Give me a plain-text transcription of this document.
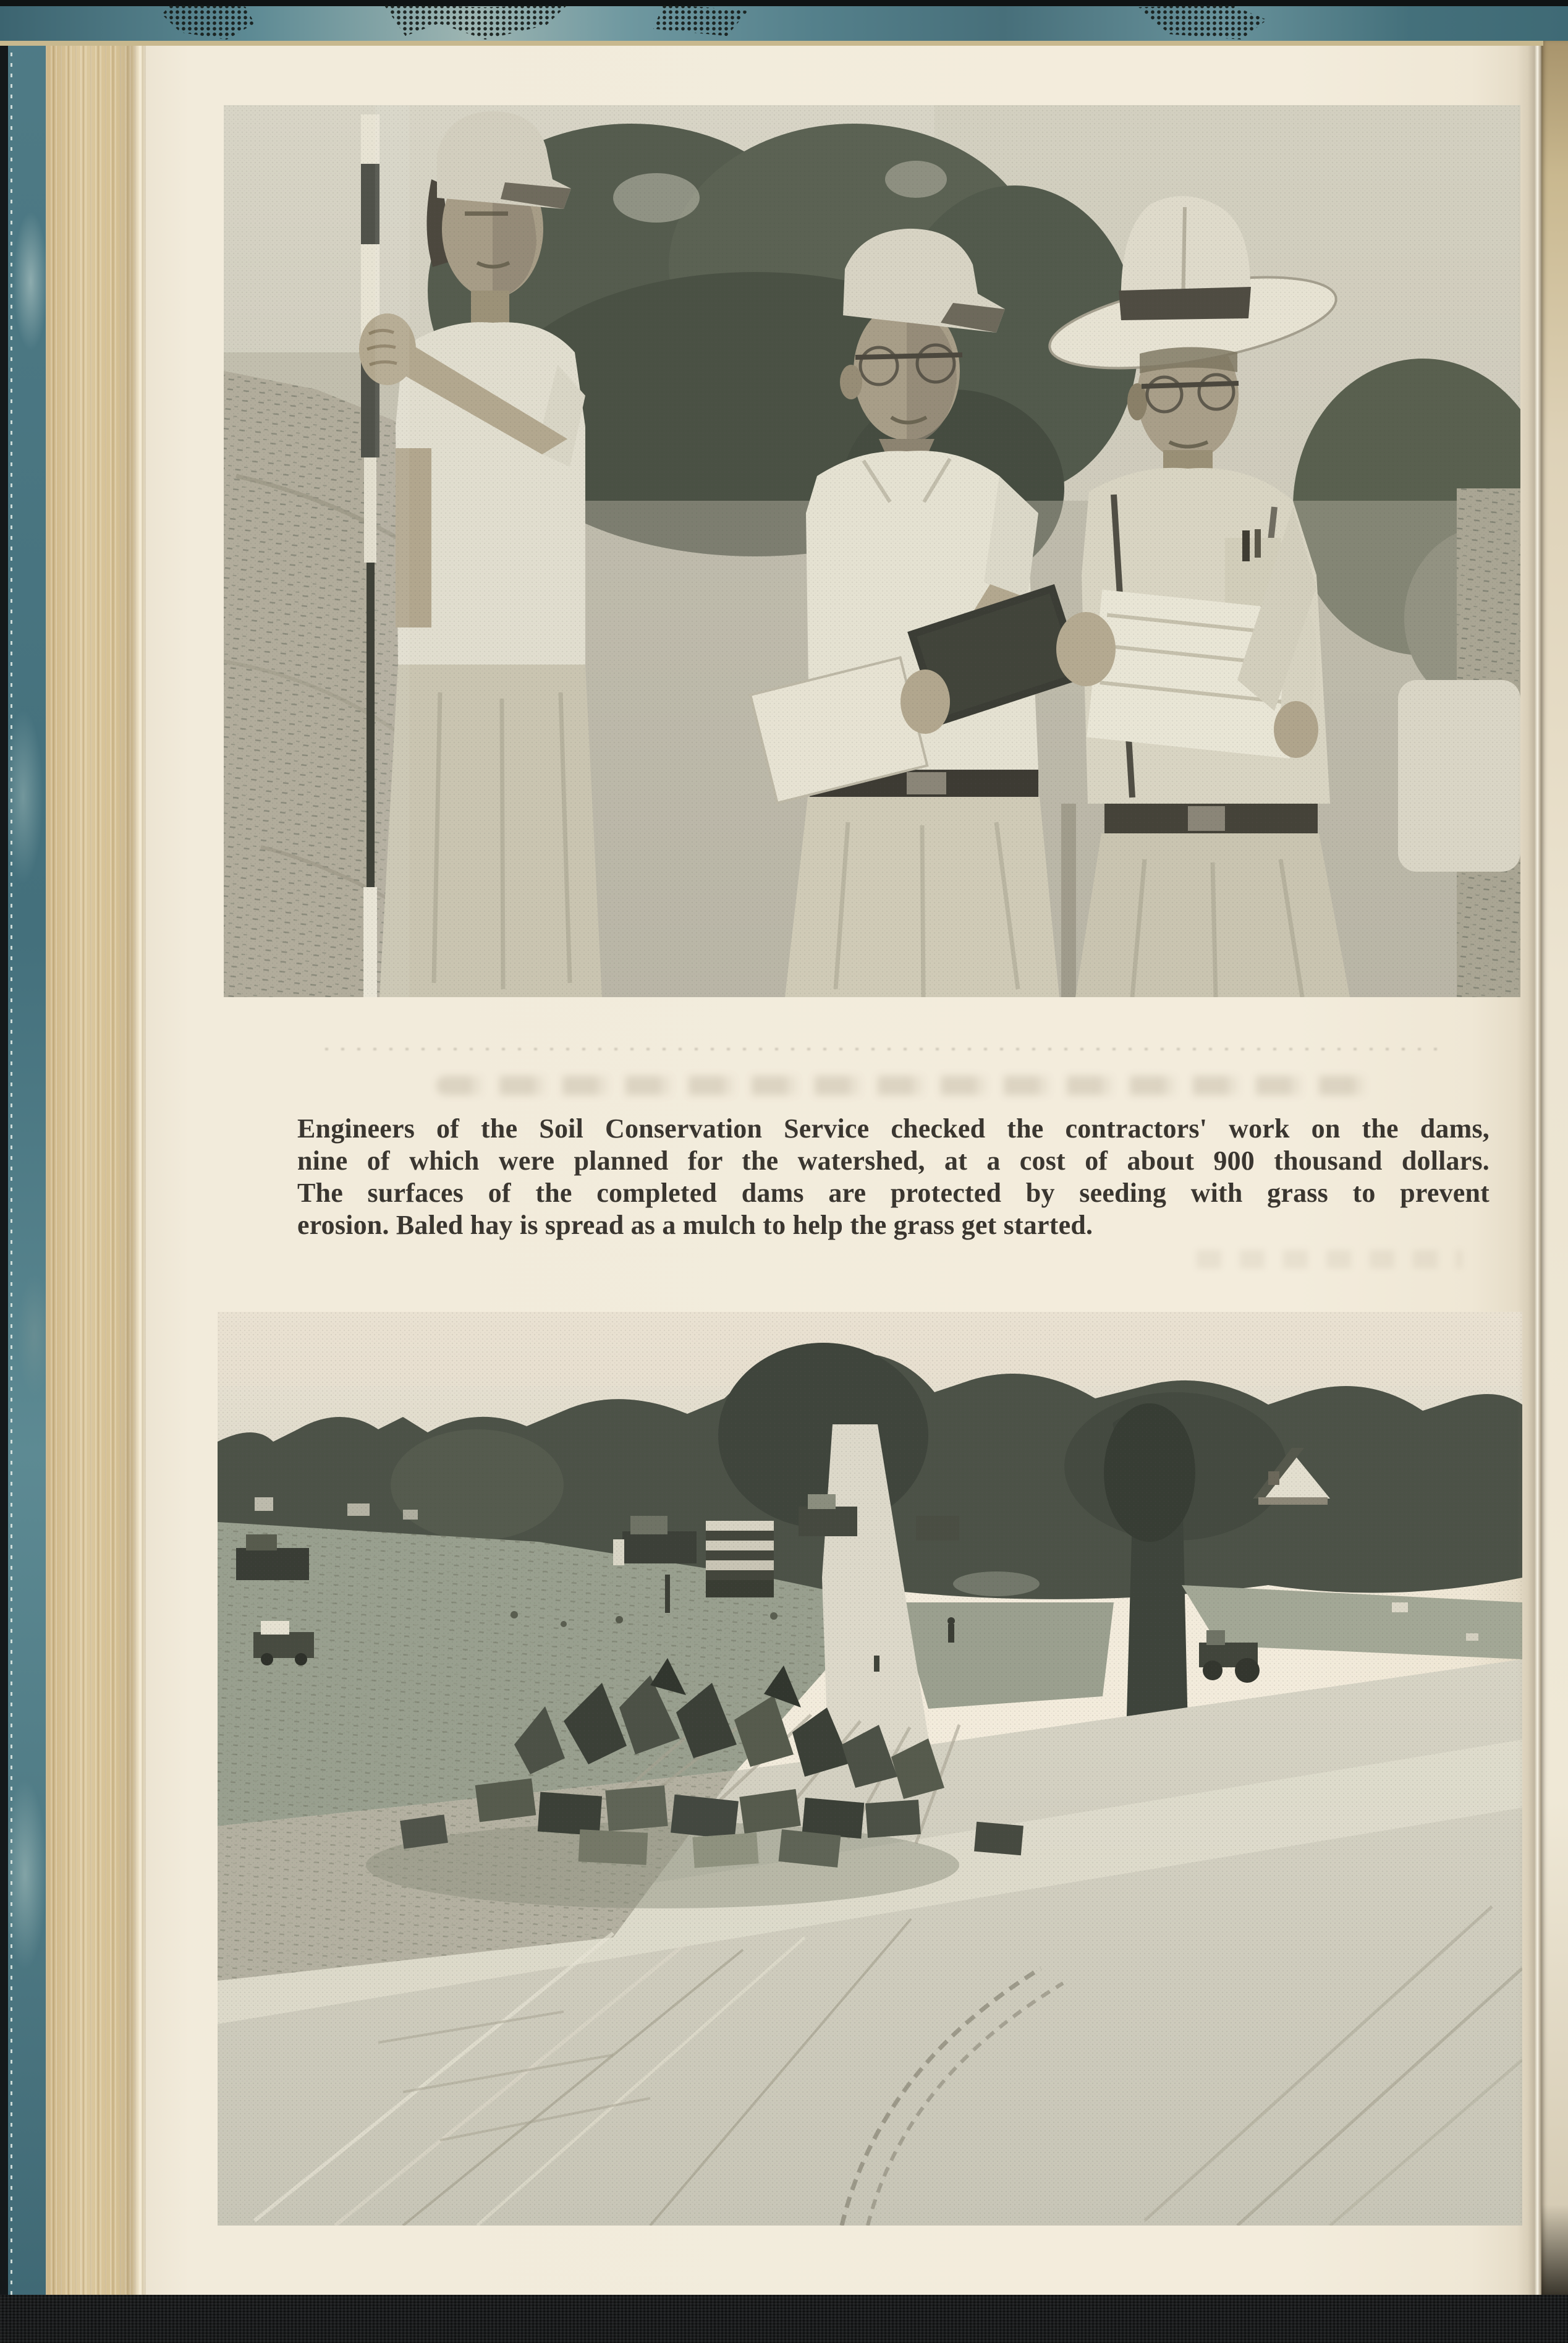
Engineers of the Soil Conservation Service checked the contractors' work on the dams,
nine of which were planned for the watershed, at a cost of about 900 thousand dollars.
The surfaces of the completed dams are protected by seeding with grass to prevent
erosion. Baled hay is spread as a mulch to help the grass get started.
